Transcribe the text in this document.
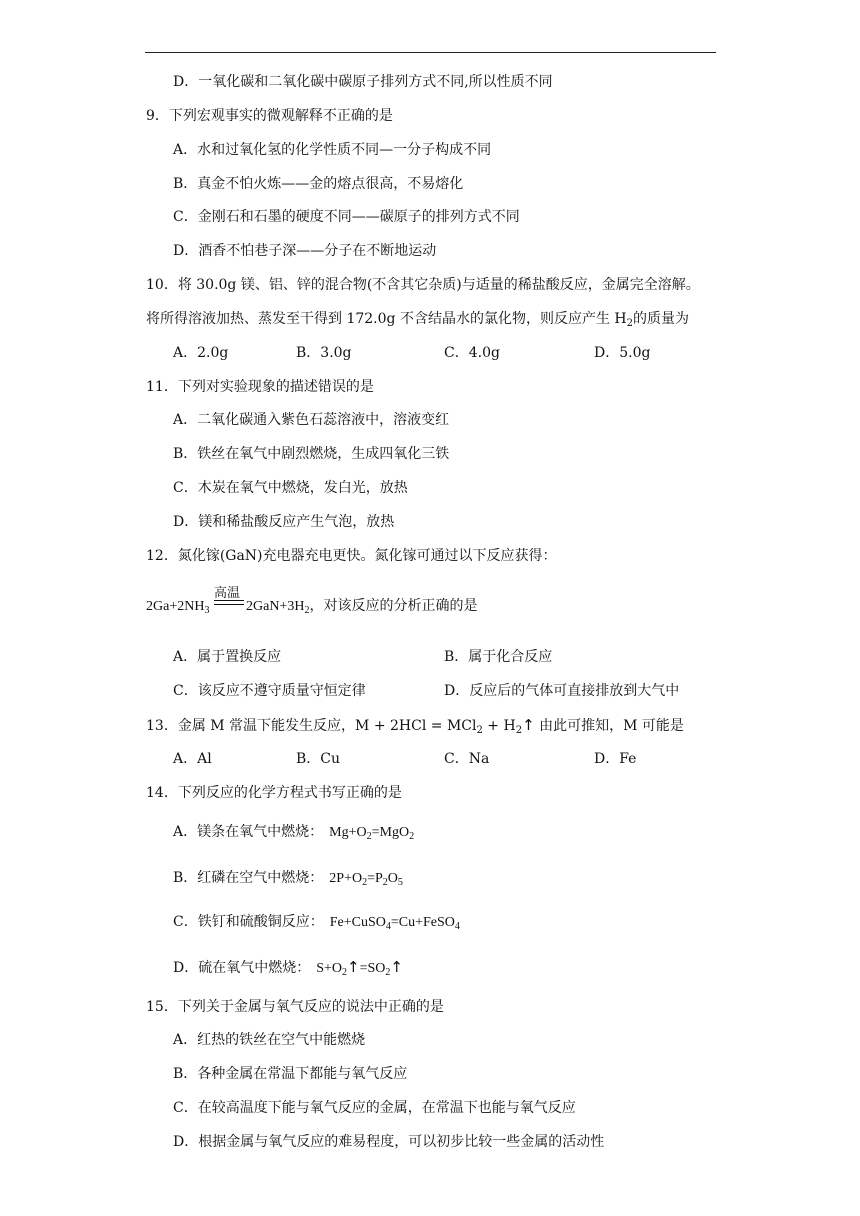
D．一氧化碳和二氧化碳中碳原子排列方式不同,所以性质不同
9．下列宏观事实的微观解释不正确的是
A．水和过氧化氢的化学性质不同—一分子构成不同
B．真金不怕火炼——金的熔点很高，不易熔化
C．金刚石和石墨的硬度不同——碳原子的排列方式不同
D．酒香不怕巷子深——分子在不断地运动
10．将 30.0g 镁、铝、锌的混合物(不含其它杂质)与适量的稀盐酸反应，金属完全溶解。
将所得溶液加热、蒸发至干得到 172.0g 不含结晶水的氯化物，则反应产生 $H_2$的质量为
A．2.0g	B．3.0g	C．4.0g	D．5.0g
11．下列对实验现象的描述错误的是
A．二氧化碳通入紫色石蕊溶液中，溶液变红
B．铁丝在氧气中剧烈燃烧，生成四氧化三铁
C．木炭在氧气中燃烧，发白光，放热
D．镁和稀盐酸反应产生气泡，放热
12．氮化镓(GaN)充电器充电更快。氮化镓可通过以下反应获得：
高温
$2Ga+2NH_3$	$2GaN+3H_2$，对该反应的分析正确的是
A．属于置换反应	B．属于化合反应
C．该反应不遵守质量守恒定律	D．反应后的气体可直接排放到大气中
13．金属 M 常温下能发生反应，$M + 2HCl = MCl_2 + H_2↑$ 由此可推知，M 可能是
A．Al	B．Cu	C．Na	D．Fe
14．下列反应的化学方程式书写正确的是
A．镁条在氧气中燃烧： $Mg+O_2=MgO_2$
B．红磷在空气中燃烧： $2P+O_2=P_2O_5$
C．铁钉和硫酸铜反应： Fe+CuSO$_4$=Cu+FeSO$_4$
D．硫在氧气中燃烧： $S+O_2↑=SO_2↑$
15．下列关于金属与氧气反应的说法中正确的是
A．红热的铁丝在空气中能燃烧
B．各种金属在常温下都能与氧气反应
C．在较高温度下能与氧气反应的金属，在常温下也能与氧气反应
D．根据金属与氧气反应的难易程度，可以初步比较一些金属的活动性
